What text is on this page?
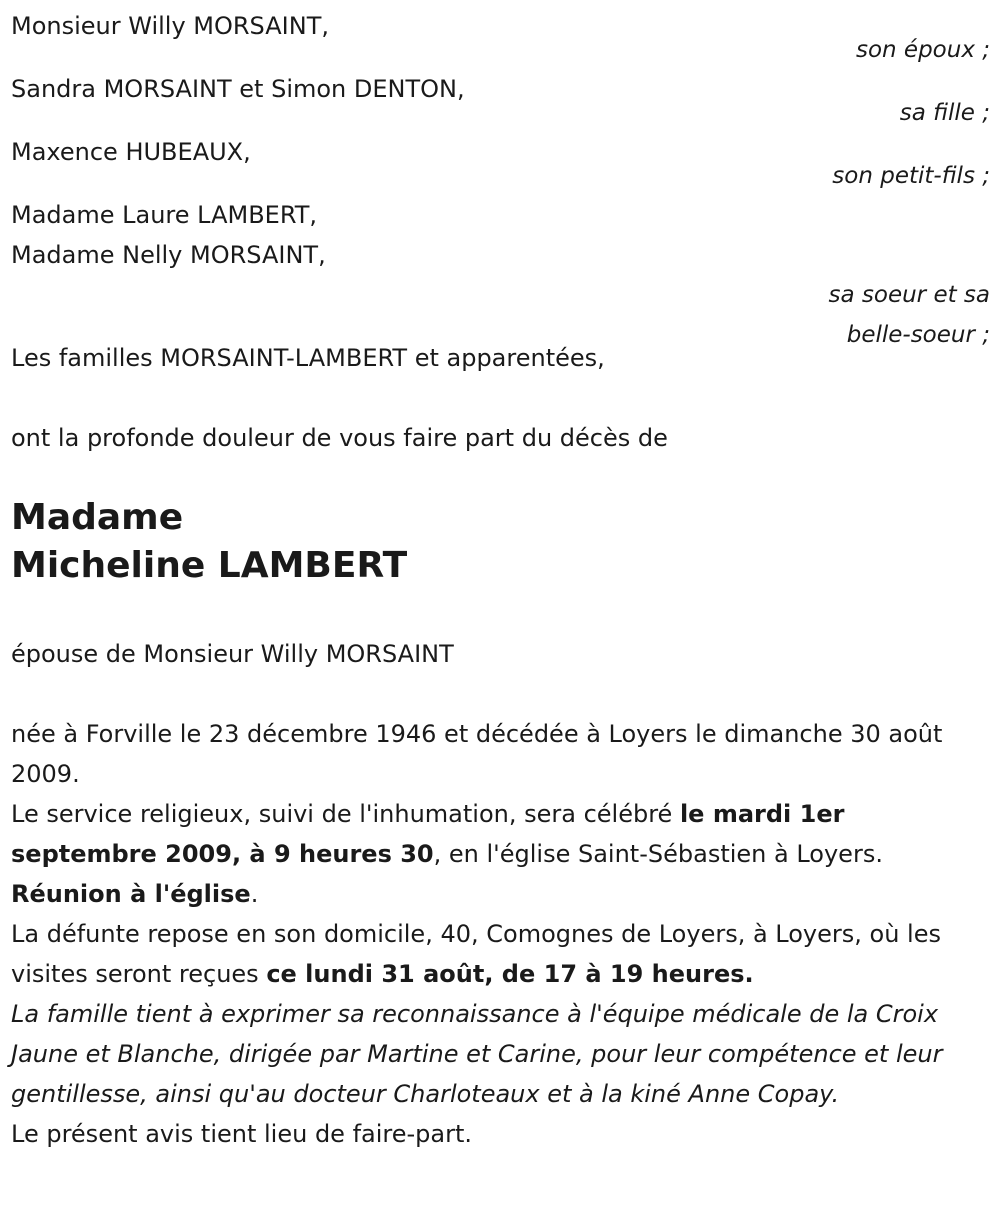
Monsieur Willy MORSAINT,

son époux ;

Sandra MORSAINT et Simon DENTON,

sa fille ;

Maxence HUBEAUX,

son petit-fils ;

Madame Laure LAMBERT,

Madame Nelly MORSAINT,

sa soeur et sa

belle-soeur ;

Les familles MORSAINT-LAMBERT et apparentées,

ont la profonde douleur de vous faire part du décès de

Madame
Micheline LAMBERT

épouse de Monsieur Willy MORSAINT

née à Forville le 23 décembre 1946 et décédée à Loyers le dimanche 30 août 2009.

Le service religieux, suivi de l'inhumation, sera célébré le mardi 1er septembre 2009, à 9 heures 30, en l'église Saint-Sébastien à Loyers.

Réunion à l'église.

La défunte repose en son domicile, 40, Comognes de Loyers, à Loyers, où les visites seront reçues ce lundi 31 août, de 17 à 19 heures.

La famille tient à exprimer sa reconnaissance à l'équipe médicale de la Croix Jaune et Blanche, dirigée par Martine et Carine, pour leur compétence et leur gentillesse, ainsi qu'au docteur Charloteaux et à la kiné Anne Copay.

Le présent avis tient lieu de faire-part.
